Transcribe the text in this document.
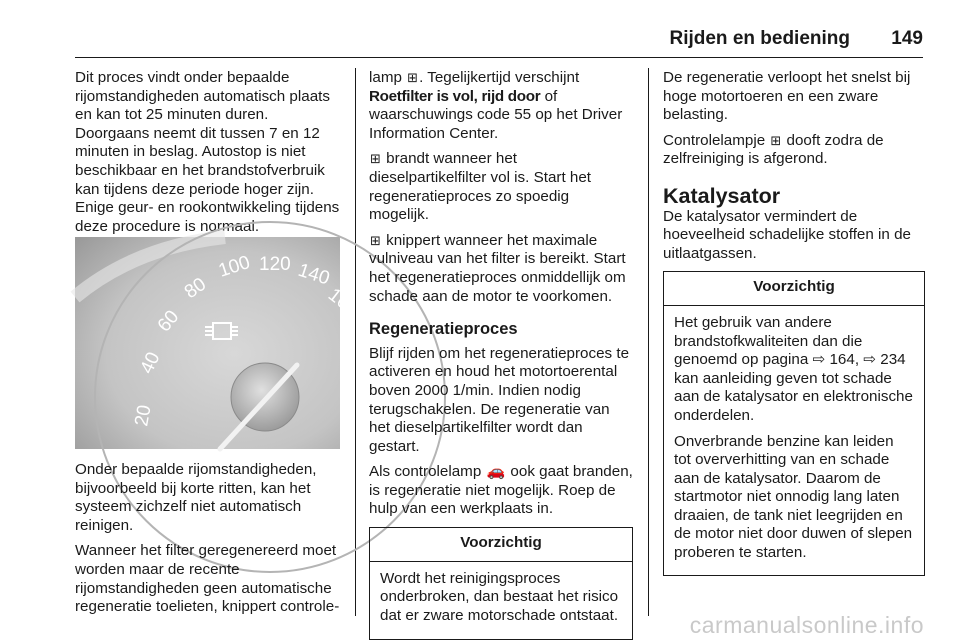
Rijden en bediening 149

Dit proces vindt onder bepaalde rijomstandigheden automatisch plaats en kan tot 25 minuten duren. Doorgaans neemt dit tussen 7 en 12 minuten in beslag. Autostop is niet beschikbaar en het brandstofverbruik kan tijdens deze periode hoger zijn. Enige geur- en rookontwikkeling tijdens deze procedure is normaal.

20
40
60
80
100 120 140
16

Onder bepaalde rijomstandigheden, bijvoorbeeld bij korte ritten, kan het systeem zichzelf niet automatisch reinigen.

Wanneer het filter geregenereerd moet worden maar de recente rijomstandigheden geen automatische regeneratie toelieten, knippert controle-

lamp ⊞. Tegelijkertijd verschijnt
Roetfilter is vol, rijd door of waarschuwings code 55 op het Driver Information Center.

⊞ brandt wanneer het dieselpartikelfilter vol is. Start het regeneratieproces zo spoedig mogelijk.

⊞ knippert wanneer het maximale vulniveau van het filter is bereikt. Start het regeneratieproces onmiddellijk om schade aan de motor te voorkomen.

Regeneratieproces

Blijf rijden om het regeneratieproces te activeren en houd het motortoerental boven 2000 1/min. Indien nodig terugschakelen. De regeneratie van het dieselpartikelfilter wordt dan gestart.

Als controlelamp 🚗 ook gaat branden, is regeneratie niet mogelijk. Roep de hulp van een werkplaats in.

Voorzichtig
Wordt het reinigingsproces onderbroken, dan bestaat het risico dat er zware motorschade ontstaat.

De regeneratie verloopt het snelst bij hoge motortoeren en een zware belasting.

Controlelampje ⊞ dooft zodra de zelfreiniging is afgerond.

Katalysator

De katalysator vermindert de hoeveelheid schadelijke stoffen in de uitlaatgassen.

Voorzichtig

Het gebruik van andere brandstofkwaliteiten dan die genoemd op pagina ⇨ 164, ⇨ 234 kan aanleiding geven tot schade aan de katalysator en elektronische onderdelen.

Onverbrande benzine kan leiden tot oververhitting van en schade aan de katalysator. Daarom de startmotor niet onnodig lang laten draaien, de tank niet leegrijden en de motor niet door duwen of slepen proberen te starten.

carmanualsonline.info
